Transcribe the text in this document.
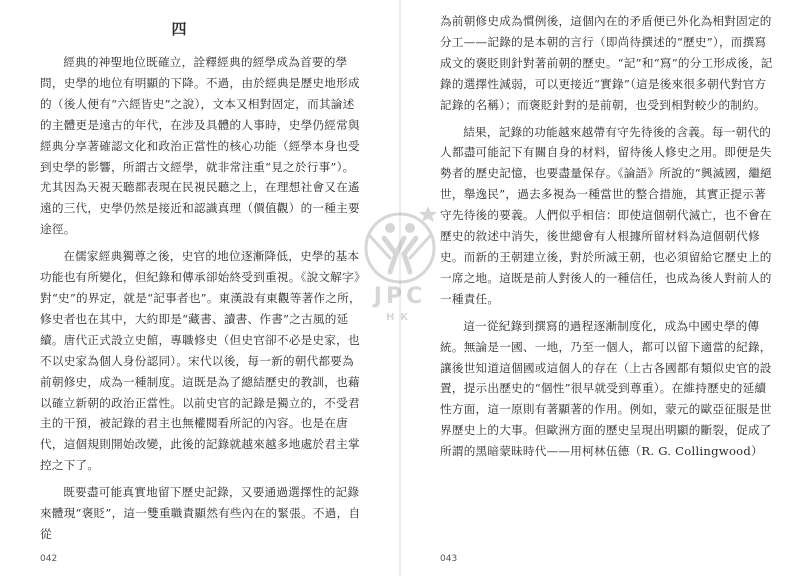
四

經典的神聖地位既確立，詮釋經典的經學成為首要的學問，史學的地位有明顯的下降。不過，由於經典是歷史地形成的（後人便有“六經皆史”之說），文本又相對固定，而其論述的主體更是遠古的年代，在涉及具體的人事時，史學仍經常與經典分享著確認文化和政治正當性的核心功能（經學本身也受到史學的影響，所謂古文經學，就非常注重“見之於行事”）。尤其因為天視天聽都表現在民視民聽之上，在理想社會又在遙遠的三代，史學仍然是接近和認識真理（價值觀）的一種主要途徑。

在儒家經典獨尊之後，史官的地位逐漸降低，史學的基本功能也有所變化，但紀錄和傳承卻始終受到重視。《說文解字》對“史”的界定，就是“記事者也”。東漢設有東觀等著作之所，修史者也在其中，大約即是“藏書、讀書、作書”之古風的延續。唐代正式設立史館，專職修史（但史官卻不必是史家，也不以史家為個人身份認同）。宋代以後，每一新的朝代都要為前朝修史，成為一種制度。這既是為了總結歷史的教訓，也藉以確立新朝的政治正當性。以前史官的記錄是獨立的，不受君主的干預，被記錄的君主也無權閱看所記的內容。也是在唐代，這個規則開始改變，此後的記錄就越來越多地處於君主掌控之下了。

既要盡可能真實地留下歷史記錄，又要通過選擇性的記錄來體現“褒貶”，這一雙重職責顯然有些內在的緊張。不過，自從

042

為前朝修史成為慣例後，這個內在的矛盾便已外化為相對固定的分工——記錄的是本朝的言行（即尚待撰述的“歷史”），而撰寫成文的褒貶則針對著前朝的歷史。“記”和“寫”的分工形成後，記錄的選擇性減弱，可以更接近“實錄”（這是後來很多朝代對官方記錄的名稱）；而褒貶針對的是前朝，也受到相對較少的制約。

結果，記錄的功能越來越帶有守先待後的含義。每一朝代的人都盡可能記下有關自身的材料，留待後人修史之用。即便是失勢者的歷史記憶，也要盡量保存。《論語》所說的“興滅國，繼絕世，舉逸民”，過去多視為一種當世的整合措施，其實正提示著守先待後的要義。人們似乎相信：即使這個朝代滅亡，也不會在歷史的敘述中消失，後世總會有人根據所留材料為這個朝代修史。而新的王朝建立後，對於所滅王朝，也必須留給它歷史上的一席之地。這既是前人對後人的一種信任，也成為後人對前人的一種責任。

這一從紀錄到撰寫的過程逐漸制度化，成為中國史學的傳統。無論是一國、一地，乃至一個人，都可以留下適當的紀錄，讓後世知道這個國或這個人的存在（上古各國都有類似史官的設置，提示出歷史的“個性”很早就受到尊重）。在維持歷史的延續性方面，這一原則有著顯著的作用。例如，蒙元的歐亞征服是世界歷史上的大事。但歐洲方面的歷史呈現出明顯的斷裂，促成了所謂的黑暗蒙昧時代——用柯林伍德（R. G. Collingwood）

043
JPC
HK
